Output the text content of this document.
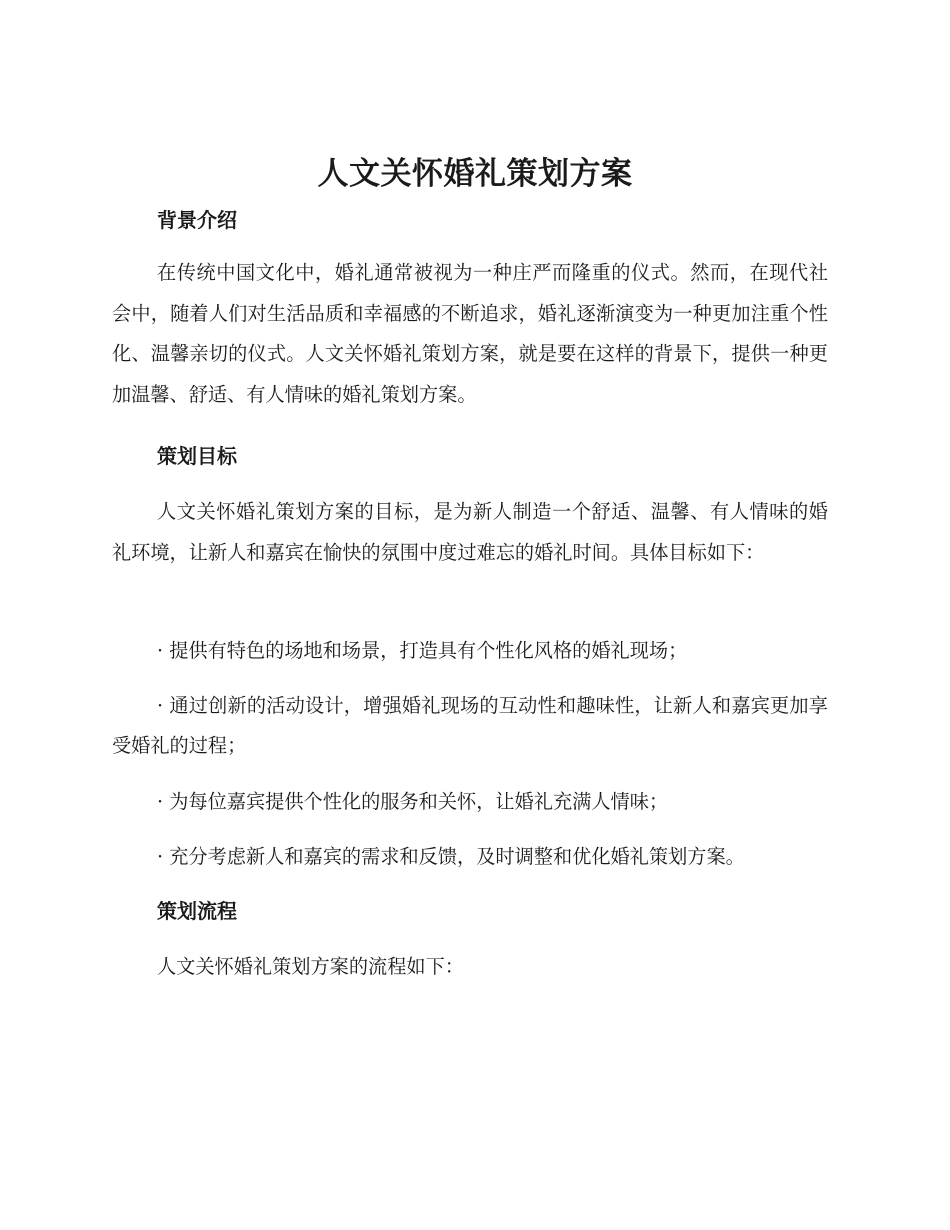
人文关怀婚礼策划方案
背景介绍

在传统中国文化中，婚礼通常被视为一种庄严而隆重的仪式。然而，在现代社会中，随着人们对生活品质和幸福感的不断追求，婚礼逐渐演变为一种更加注重个性化、温馨亲切的仪式。人文关怀婚礼策划方案，就是要在这样的背景下，提供一种更加温馨、舒适、有人情味的婚礼策划方案。

策划目标

人文关怀婚礼策划方案的目标，是为新人制造一个舒适、温馨、有人情味的婚礼环境，让新人和嘉宾在愉快的氛围中度过难忘的婚礼时间。具体目标如下：

· 提供有特色的场地和场景，打造具有个性化风格的婚礼现场；

· 通过创新的活动设计，增强婚礼现场的互动性和趣味性，让新人和嘉宾更加享受婚礼的过程；

· 为每位嘉宾提供个性化的服务和关怀，让婚礼充满人情味；

· 充分考虑新人和嘉宾的需求和反馈，及时调整和优化婚礼策划方案。

策划流程

人文关怀婚礼策划方案的流程如下：
